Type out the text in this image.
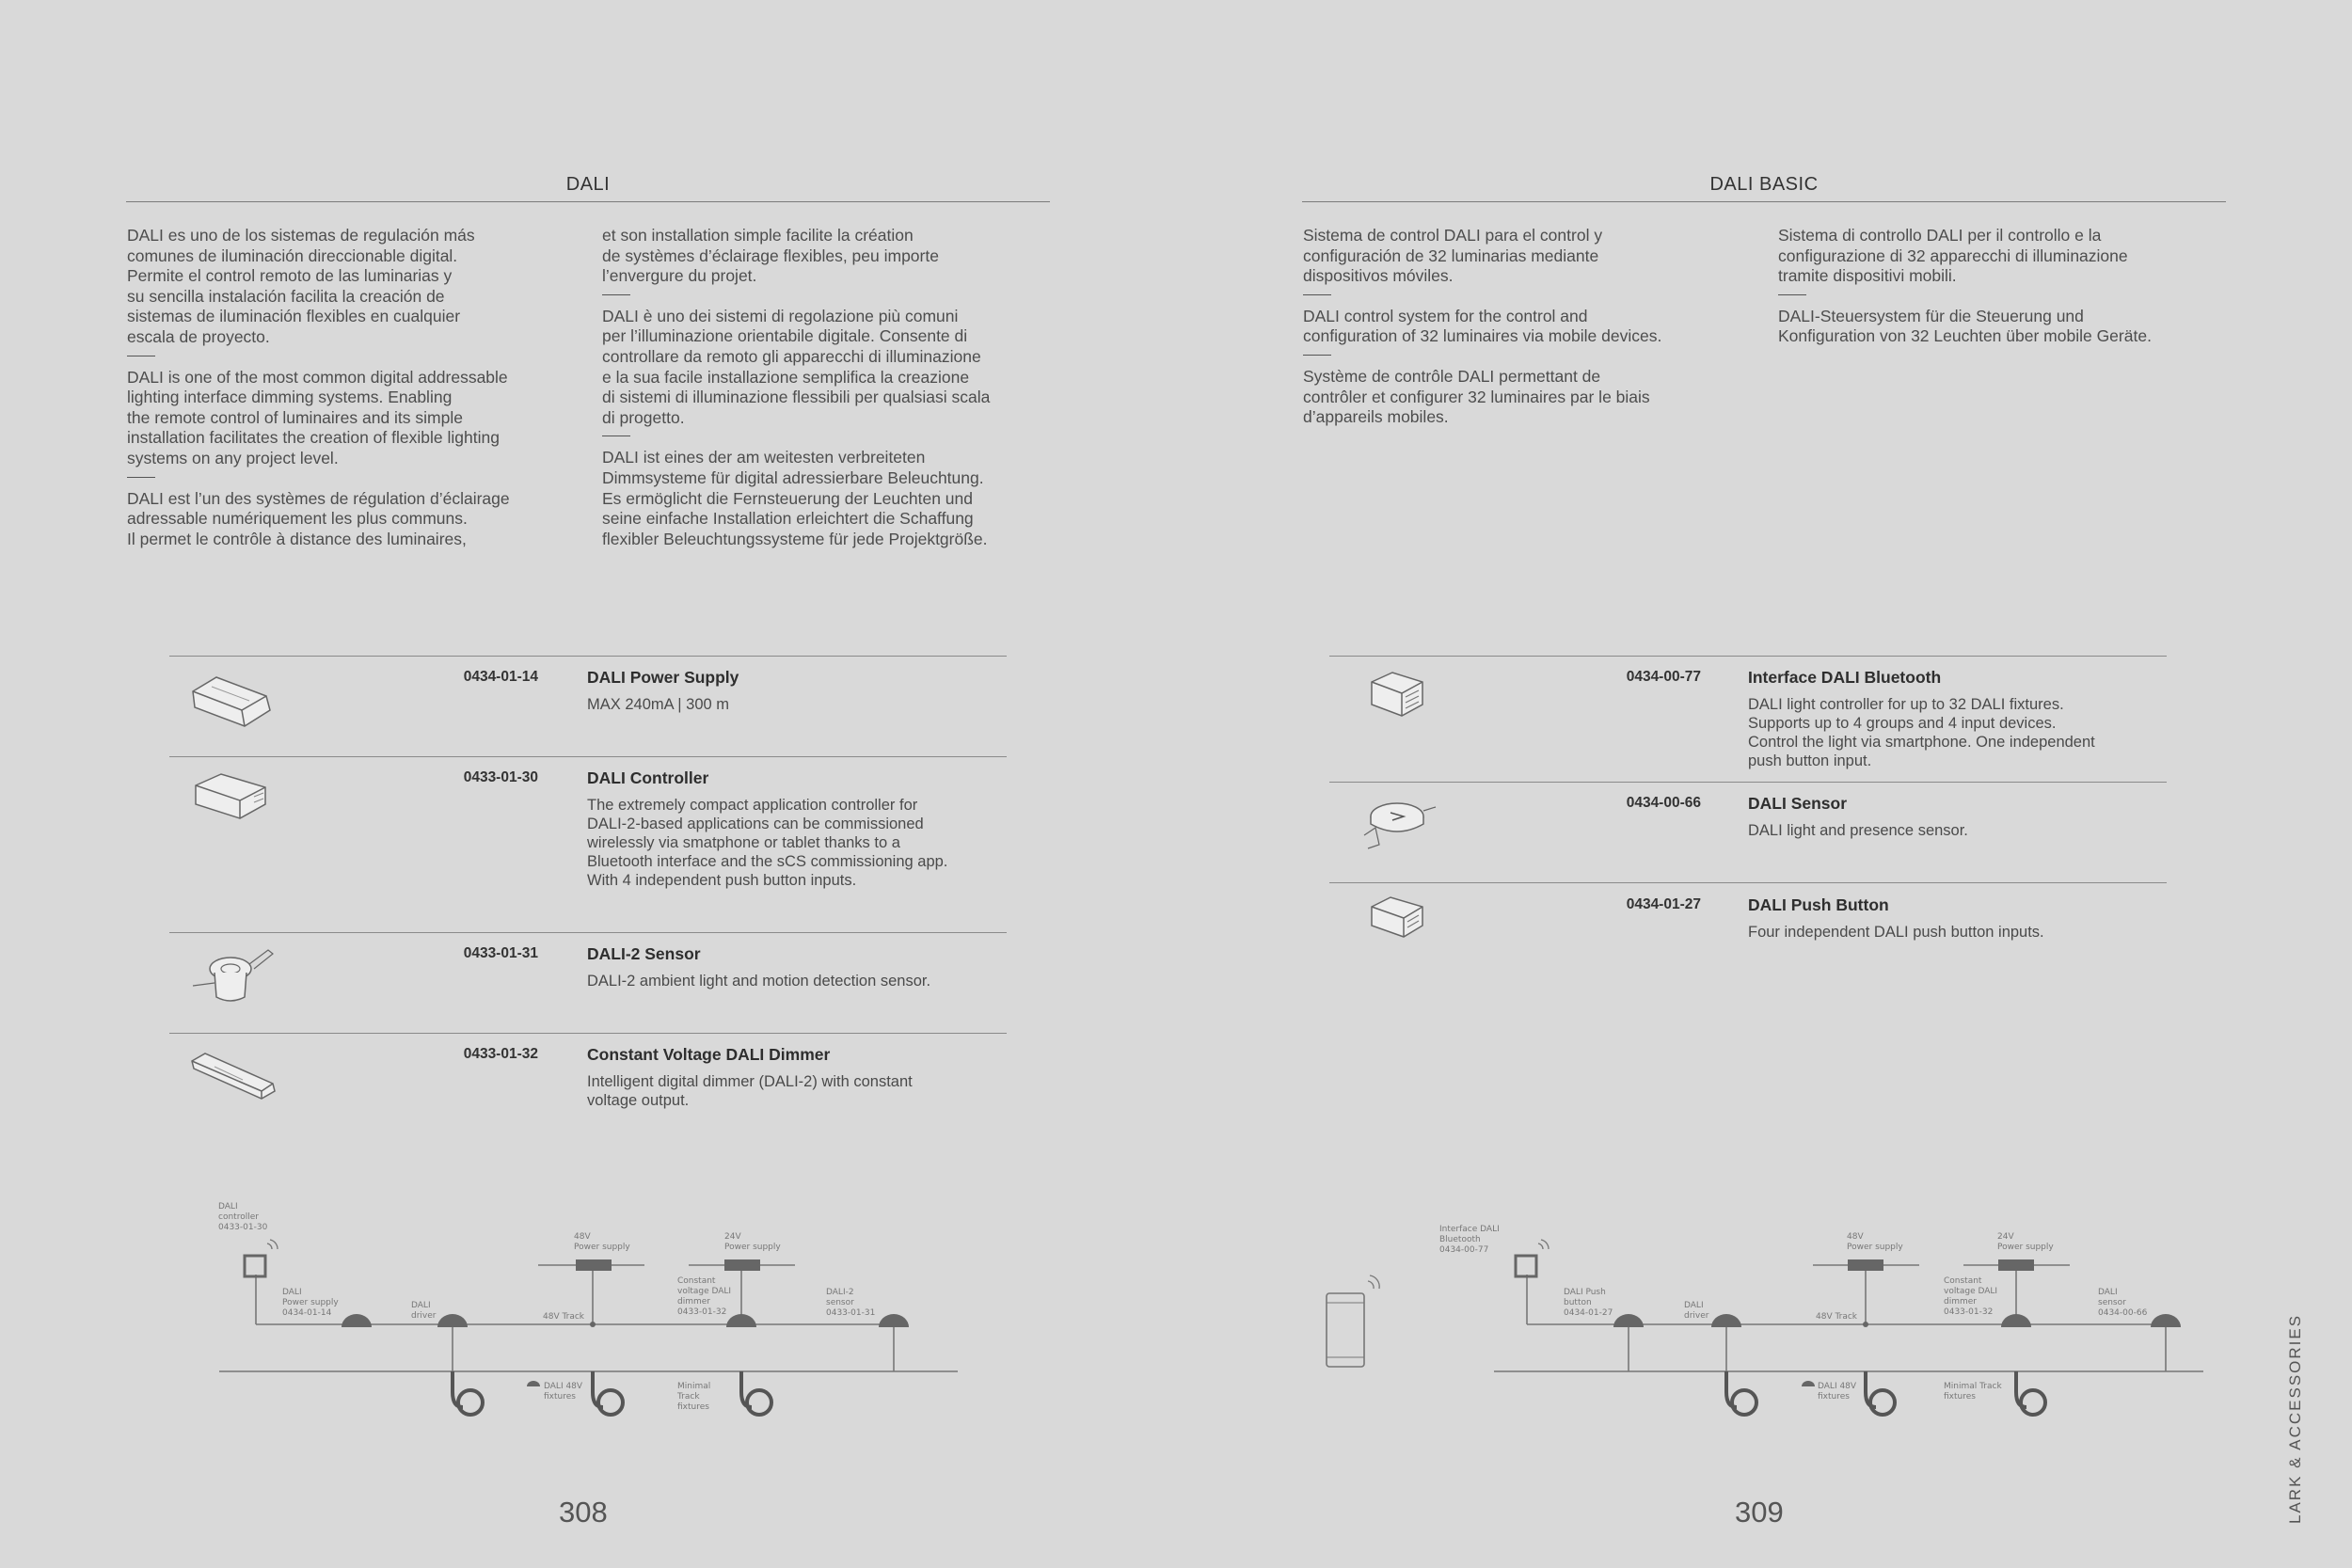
DALI

DALI es uno de los sistemas de regulación más
comunes de iluminación direccionable digital.
Permite el control remoto de las luminarias y
su sencilla instalación facilita la creación de
sistemas de iluminación flexibles en cualquier
escala de proyecto.

DALI is one of the most common digital addressable
lighting interface dimming systems. Enabling
the remote control of luminaires and its simple
installation facilitates the creation of flexible lighting
systems on any project level.

DALI est l’un des systèmes de régulation d’éclairage
adressable numériquement les plus communs.
Il permet le contrôle à distance des luminaires,

et son installation simple facilite la création
de systèmes d’éclairage flexibles, peu importe
l’envergure du projet.

DALI è uno dei sistemi di regolazione più comuni
per l’illuminazione orientabile digitale. Consente di
controllare da remoto gli apparecchi di illuminazione
e la sua facile installazione semplifica la creazione
di sistemi di illuminazione flessibili per qualsiasi scala
di progetto.

DALI ist eines der am weitesten verbreiteten
Dimmsysteme für digital adressierbare Beleuchtung.
Es ermöglicht die Fernsteuerung der Leuchten und
seine einfache Installation erleichtert die Schaffung
flexibler Beleuchtungssysteme für jede Projektgröße.

0434-01-14	DALI Power Supply
MAX 240mA | 300 m
0433-01-30	DALI Controller
The extremely compact application controller for
DALI-2-based applications can be commissioned
wirelessly via smatphone or tablet thanks to a
Bluetooth interface and the sCS commissioning app.
With 4 independent push button inputs.
0433-01-31	DALI-2 Sensor
DALI-2 ambient light and motion detection sensor.
0433-01-32	Constant Voltage DALI Dimmer
Intelligent digital dimmer (DALI-2) with constant
voltage output.
DALI controller 0433-01-30
DALI Power supply 0434-01-14
DALI driver
48V Power supply
24V Power supply
48V Track
Constant voltage DALI dimmer 0433-01-32
DALI-2 sensor 0433-01-31
DALI 48V fixtures
Minimal Track fixtures
308
DALI BASIC

Sistema de control DALI para el control y
configuración de 32 luminarias mediante
dispositivos móviles.

DALI control system for the control and
configuration of 32 luminaires via mobile devices.

Système de contrôle DALI permettant de
contrôler et configurer 32 luminaires par le biais
d’appareils mobiles.

Sistema di controllo DALI per il controllo e la
configurazione di 32 apparecchi di illuminazione
tramite dispositivi mobili.

DALI-Steuersystem für die Steuerung und
Konfiguration von 32 Leuchten über mobile Geräte.

0434-00-77	Interface DALI Bluetooth
DALI light controller for up to 32 DALI fixtures.
Supports up to 4 groups and 4 input devices.
Control the light via smartphone. One independent
push button input.
0434-00-66	DALI Sensor
DALI light and presence sensor.
0434-01-27	DALI Push Button
Four independent DALI push button inputs.
Interface DALI Bluetooth 0434-00-77
DALI Push button 0434-01-27
DALI driver
48V Power supply
24V Power supply
48V Track
Constant voltage DALI dimmer 0433-01-32
DALI sensor 0434-00-66
DALI 48V fixtures
Minimal Track fixtures
309	LARK & ACCESSORIES
